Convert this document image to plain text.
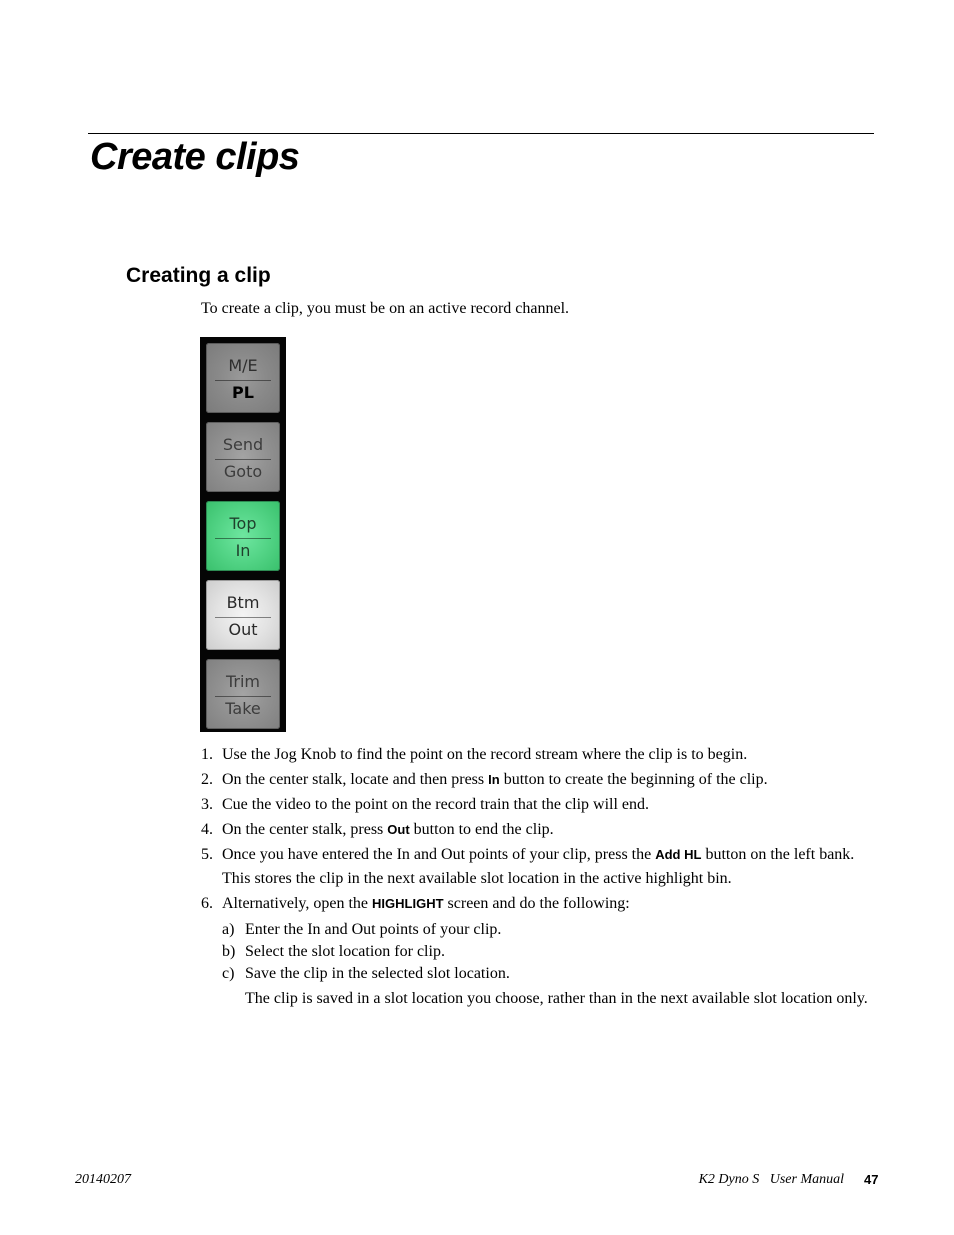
Create clips
Creating a clip

To create a clip, you must be on an active record channel.

M/E
PL
Send
Goto
Top
In
Btm
Out
Trim
Take
1. Use the Jog Knob to find the point on the record stream where the clip is to begin.
2. On the center stalk, locate and then press In button to create the beginning of the clip.
3. Cue the video to the point on the record train that the clip will end.
4. On the center stalk, press Out button to end the clip.
5. Once you have entered the In and Out points of your clip, press the Add HL button on the left bank.

This stores the clip in the next available slot location in the active highlight bin.

6. Alternatively, open the HIGHLIGHT screen and do the following:
a) Enter the In and Out points of your clip.
b) Select the slot location for clip.
c) Save the clip in the selected slot location.

The clip is saved in a slot location you choose, rather than in the next available slot location only.

20140207	K2 Dyno S   User Manual 47
